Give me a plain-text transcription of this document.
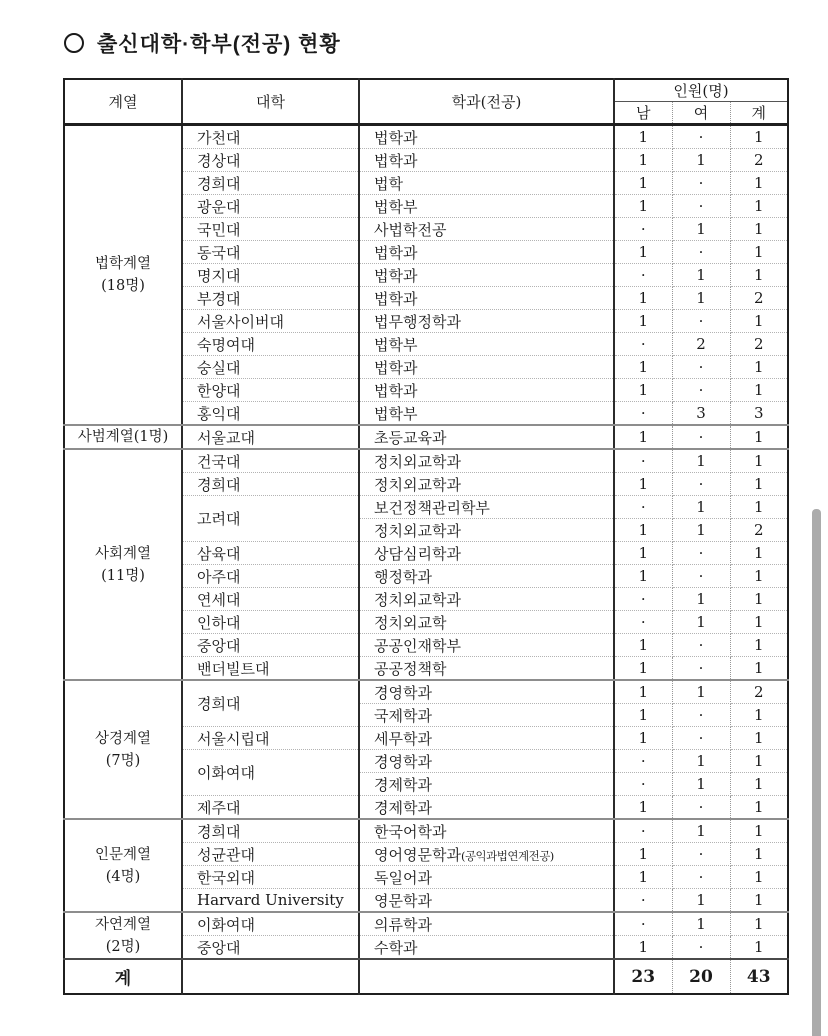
출신대학·학부(전공) 현황
계열	대학	학과(전공)	인원(명)		
			남	여	계

법학계열
(18명)	가천대	법학과	1	·	1
	경상대	법학과	1	1	2
	경희대	법학	1	·	1
	광운대	법학부	1	·	1
	국민대	사법학전공	·	1	1
	동국대	법학과	1	·	1
	명지대	법학과	·	1	1
	부경대	법학과	1	1	2
	서울사이버대	법무행정학과	1	·	1
	숙명여대	법학부	·	2	2
	숭실대	법학과	1	·	1
	한양대	법학과	1	·	1
	홍익대	법학부	·	3	3

사범계열(1명)	서울교대	초등교육과	1	·	1

사회계열
(11명)	건국대	정치외교학과	·	1	1
	경희대	정치외교학과	1	·	1
	고려대	보건정책관리학부	·	1	1
		정치외교학과	1	1	2
	삼육대	상담심리학과	1	·	1
	아주대	행정학과	1	·	1
	연세대	정치외교학과	·	1	1
	인하대	정치외교학	·	1	1
	중앙대	공공인재학부	1	·	1
	밴더빌트대	공공정책학	1	·	1

상경계열
(7명)	경희대	경영학과	1	1	2
		국제학과	1	·	1
	서울시립대	세무학과	1	·	1
	이화여대	경영학과	·	1	1
		경제학과	·	1	1
	제주대	경제학과	1	·	1

인문계열
(4명)	경희대	한국어학과	·	1	1
	성균관대	영어영문학과(공익과법연계전공)	1	·	1
	한국외대	독일어과	1	·	1
	Harvard University	영문학과	·	1	1

자연계열
(2명)	이화여대	의류학과	·	1	1
	중앙대	수학과	1	·	1
계			23	20	43
